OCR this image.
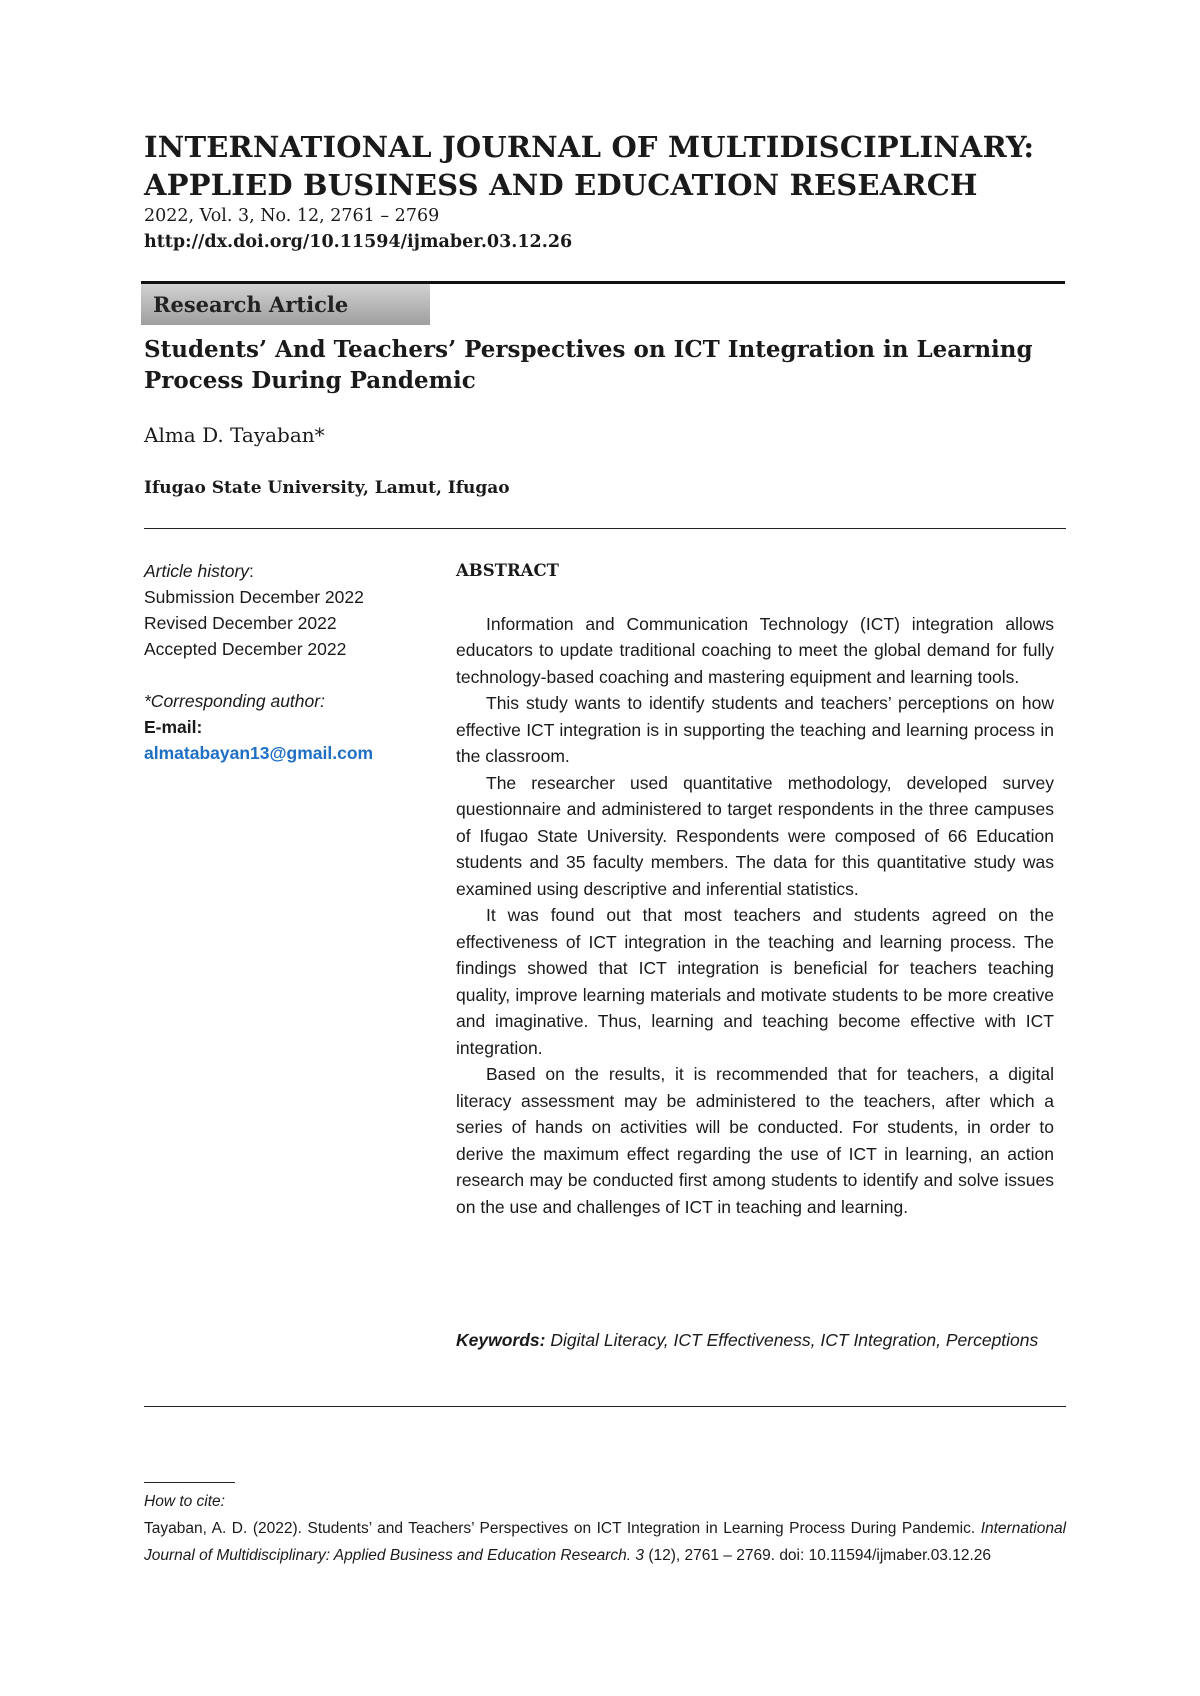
INTERNATIONAL JOURNAL OF MULTIDISCIPLINARY: APPLIED BUSINESS AND EDUCATION RESEARCH
2022, Vol. 3, No. 12, 2761 – 2769
http://dx.doi.org/10.11594/ijmaber.03.12.26
Research Article
Students’ And Teachers’ Perspectives on ICT Integration in Learning Process During Pandemic
Alma D. Tayaban*
Ifugao State University, Lamut, Ifugao
Article history:
Submission December 2022
Revised December 2022
Accepted December 2022
*Corresponding author:
E-mail:
almatabayan13@gmail.com
ABSTRACT

Information and Communication Technology (ICT) integration allows educators to update traditional coaching to meet the global demand for fully technology-based coaching and mastering equipment and learning tools.

This study wants to identify students and teachers’ perceptions on how effective ICT integration is in supporting the teaching and learning process in the classroom.

The researcher used quantitative methodology, developed survey questionnaire and administered to target respondents in the three campuses of Ifugao State University. Respondents were composed of 66 Education students and 35 faculty members. The data for this quantitative study was examined using descriptive and inferential statistics.

It was found out that most teachers and students agreed on the effectiveness of ICT integration in the teaching and learning process. The findings showed that ICT integration is beneficial for teachers teaching quality, improve learning materials and motivate students to be more creative and imaginative. Thus, learning and teaching become effective with ICT integration.

Based on the results, it is recommended that for teachers, a digital literacy assessment may be administered to the teachers, after which a series of hands on activities will be conducted. For students, in order to derive the maximum effect regarding the use of ICT in learning, an action research may be conducted first among students to identify and solve issues on the use and challenges of ICT in teaching and learning.

Keywords: Digital Literacy, ICT Effectiveness, ICT Integration, Perceptions
How to cite:
Tayaban, A. D. (2022). Students’ and Teachers’ Perspectives on ICT Integration in Learning Process During Pandemic. International Journal of Multidisciplinary: Applied Business and Education Research. 3 (12), 2761 – 2769. doi: 10.11594/ijmaber.03.12.26
